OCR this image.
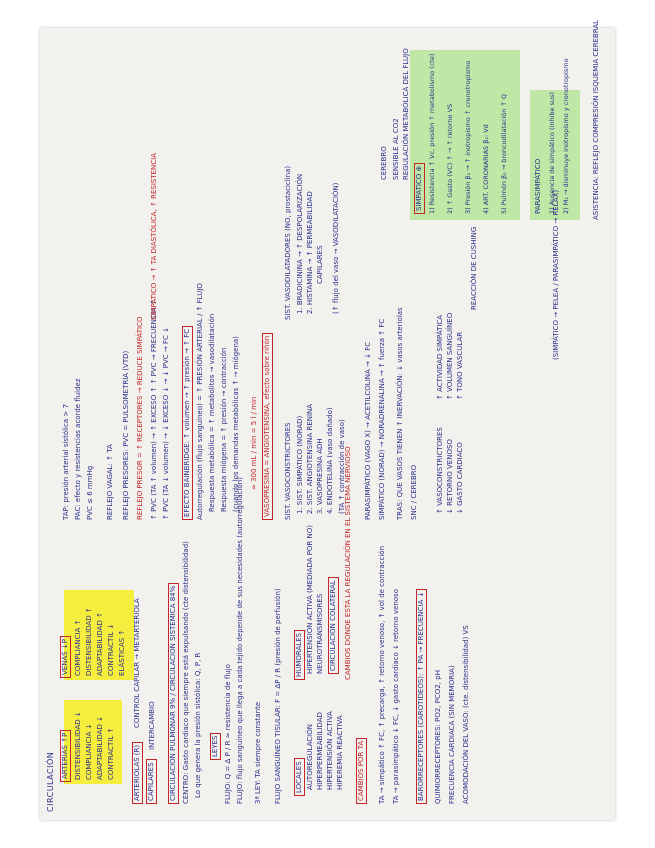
CIRCULACIÓN ARTERIAS ↑P DISTENSIBILIDAD ↓ COMPLIANCIA ↓ ADAPTABILIDAD ↓ CONTRACTIL ↑
VENAS ↓P COMPLIANCIA ↑ DISTENSIBILIDAD ↑ ADAPTABILIDAD ↑ CONTRACTIL ↓ ELÁSTICAS ↑
ARTERIOLAS (R) CAPILARES
INTERCAMBIO
CONTROL CAPILAR → METARTERIOLA	CIRCULACIÓN PULMONAR 9% / CIRCULACIÓN SISTÉMICA 84% CENTRO: Gasto cardiaco que siempre está expulsando (cte distensibilidad) Lo que genera la presión sistólica: Q, P, R LEYES FLUJO: Q = Δ P / R ≈ resistencia de flujo FLUJO: flujo sanguíneo que llega a cada tejido depende de sus necesidades (autorregulación) 3ª LEY: TA siempre constante FLUJO SANGUÍNEO TISULAR: F = ΔP / R (presión de perfusión) LOCALES AUTOREGULACIÓN HIPERPERMEABILIDAD HIPERTENSIÓN ACTIVA HIPEREMIA REACTIVA
HUMORALES HIPERTENSIÓN ACTIVA (MEDIADA POR NO) NEUROTRANSMISORES CIRCULACIÓN COLATERAL
CAMBIOS POR TA
CAMBIOS DONDE ESTÁ LA REGULACIÓN EN EL SISTEMA NERVIOSO	TA → simpático ↑ FC, ↑ precarga, ↑ retorno venoso, ↑ vol de contracción TA → parasimpático ↓ FC, ↓ gasto cardiaco ↓ retorno venoso BARORRECEPTORES (CAROTIDEOS): ↑ PA → FRECUENCIA ↓ QUIMIORRECEPTORES: PO2, PCO2, pH FRECUENCIA CARDIACA (SIN MEMORIA) ACOMODACIÓN DEL VASO: (cte. distensibilidad) VS
TAP: presión arterial sistólica > 7 PAC: efecto y resistencias acorde fluidez PVC ≤ 6 mmHg REFLEJO VAGAL: ↑ TA REFLEJO PRESORES: PVC = PULSOMETRÍA (VTD) REFLEJO PRESOR = ↑ RECEPTORES → REDUCE SIMPÁTICO ↑ PVC (TA ↑ volumen) → ↑ EXCESO ↑ ↑ PVC → FRECUENCIA ↑ ↑ PVC (TA ↓ volumen) → ↓ EXCESO ↓ → ↓ PVC → FC ↓ EFECTO BAINBRIDGE: ↑ volumen → ↑ presión → ↑ FC Autorregulación (flujo sanguíneo) = ↑ PRESIÓN ARTERIAL / ↑ FLUJO Respuesta metabólica = ↑ metabolitos → vasodilatación Respuesta miógena = ↑ presión → contracción (cuando los demandas metabólicas ↑ → miógena) ≈ 300 mL / min = 5 l / min VASOPRESINA = ANGIOTENSINA, efecto sobre riñón SIST. VASOCONSTRICTORES 1. SIST. SIMPÁTICO (NORAD) 2. SIST. ANGIOTENSINA RENINA 3. VASOPRESINA ADH 4. ENDOTELINA (vaso dañado) (TA ↑ contracción de vaso)
SIST. VASODILATADORES (NO, prostaciclina) 1. BRADICININA → ↑ DESPOLARIZACIÓN 2. HISTAMINA → ↑ PERMEABILIDAD CAPILARES (↑ flujo del vaso → VASODILATACIÓN)
PARASIMPÁTICO (VAGO X) → ACETILCOLINA → ↓ FC SIMPÁTICO (NORAD) → NORADRENALINA → ↑ fuerza ↑ FC TRAS: QUE VASOS TIENEN ↑ INERVACIÓN: ↓ vasos arteriolas SNC / CEREBRO	↑ VASOCONSTRICTORES ↓ RETORNO VENOSO ↓ GASTO CARDIACO
↑ ACTIVIDAD SIMPÁTICA ↑ VOLUMEN SANGUÍNEO ↑ TONO VASCULAR
SIMPÁTICO → ↑ TA DIASTÓLICA, ↑ RESISTENCIA	SIMPÁTICO ⊕ 1) Resistencia ↑ Vc, presión ↑ metabolismo (cte) 2) ↑ Gasto (VC) ↑ → ↑ retorno VS 3) Presión β₁ → ↑ inotropismo ↑ cronotropismo 4) ART. CORONARIAS β₂: Vd 5) Pulmón β₂ → broncodilatación ↑ Q	PARASIMPÁTICO 1) Ausencia de simpático (inhibe sus) 2) M₂ → disminuye inotropismo y cronotropismo
(SIMPÁTICO → PELEA / PARASIMPÁTICO → RELAX)
CEREBRO SENSIBLE AL CO2 REGULACIÓN METABÓLICA DEL FLUJO
REACCIÓN DE CUSHING
ASISTENCIA: REFLEJO COMPRESIÓN ISQUEMIA CEREBRAL
